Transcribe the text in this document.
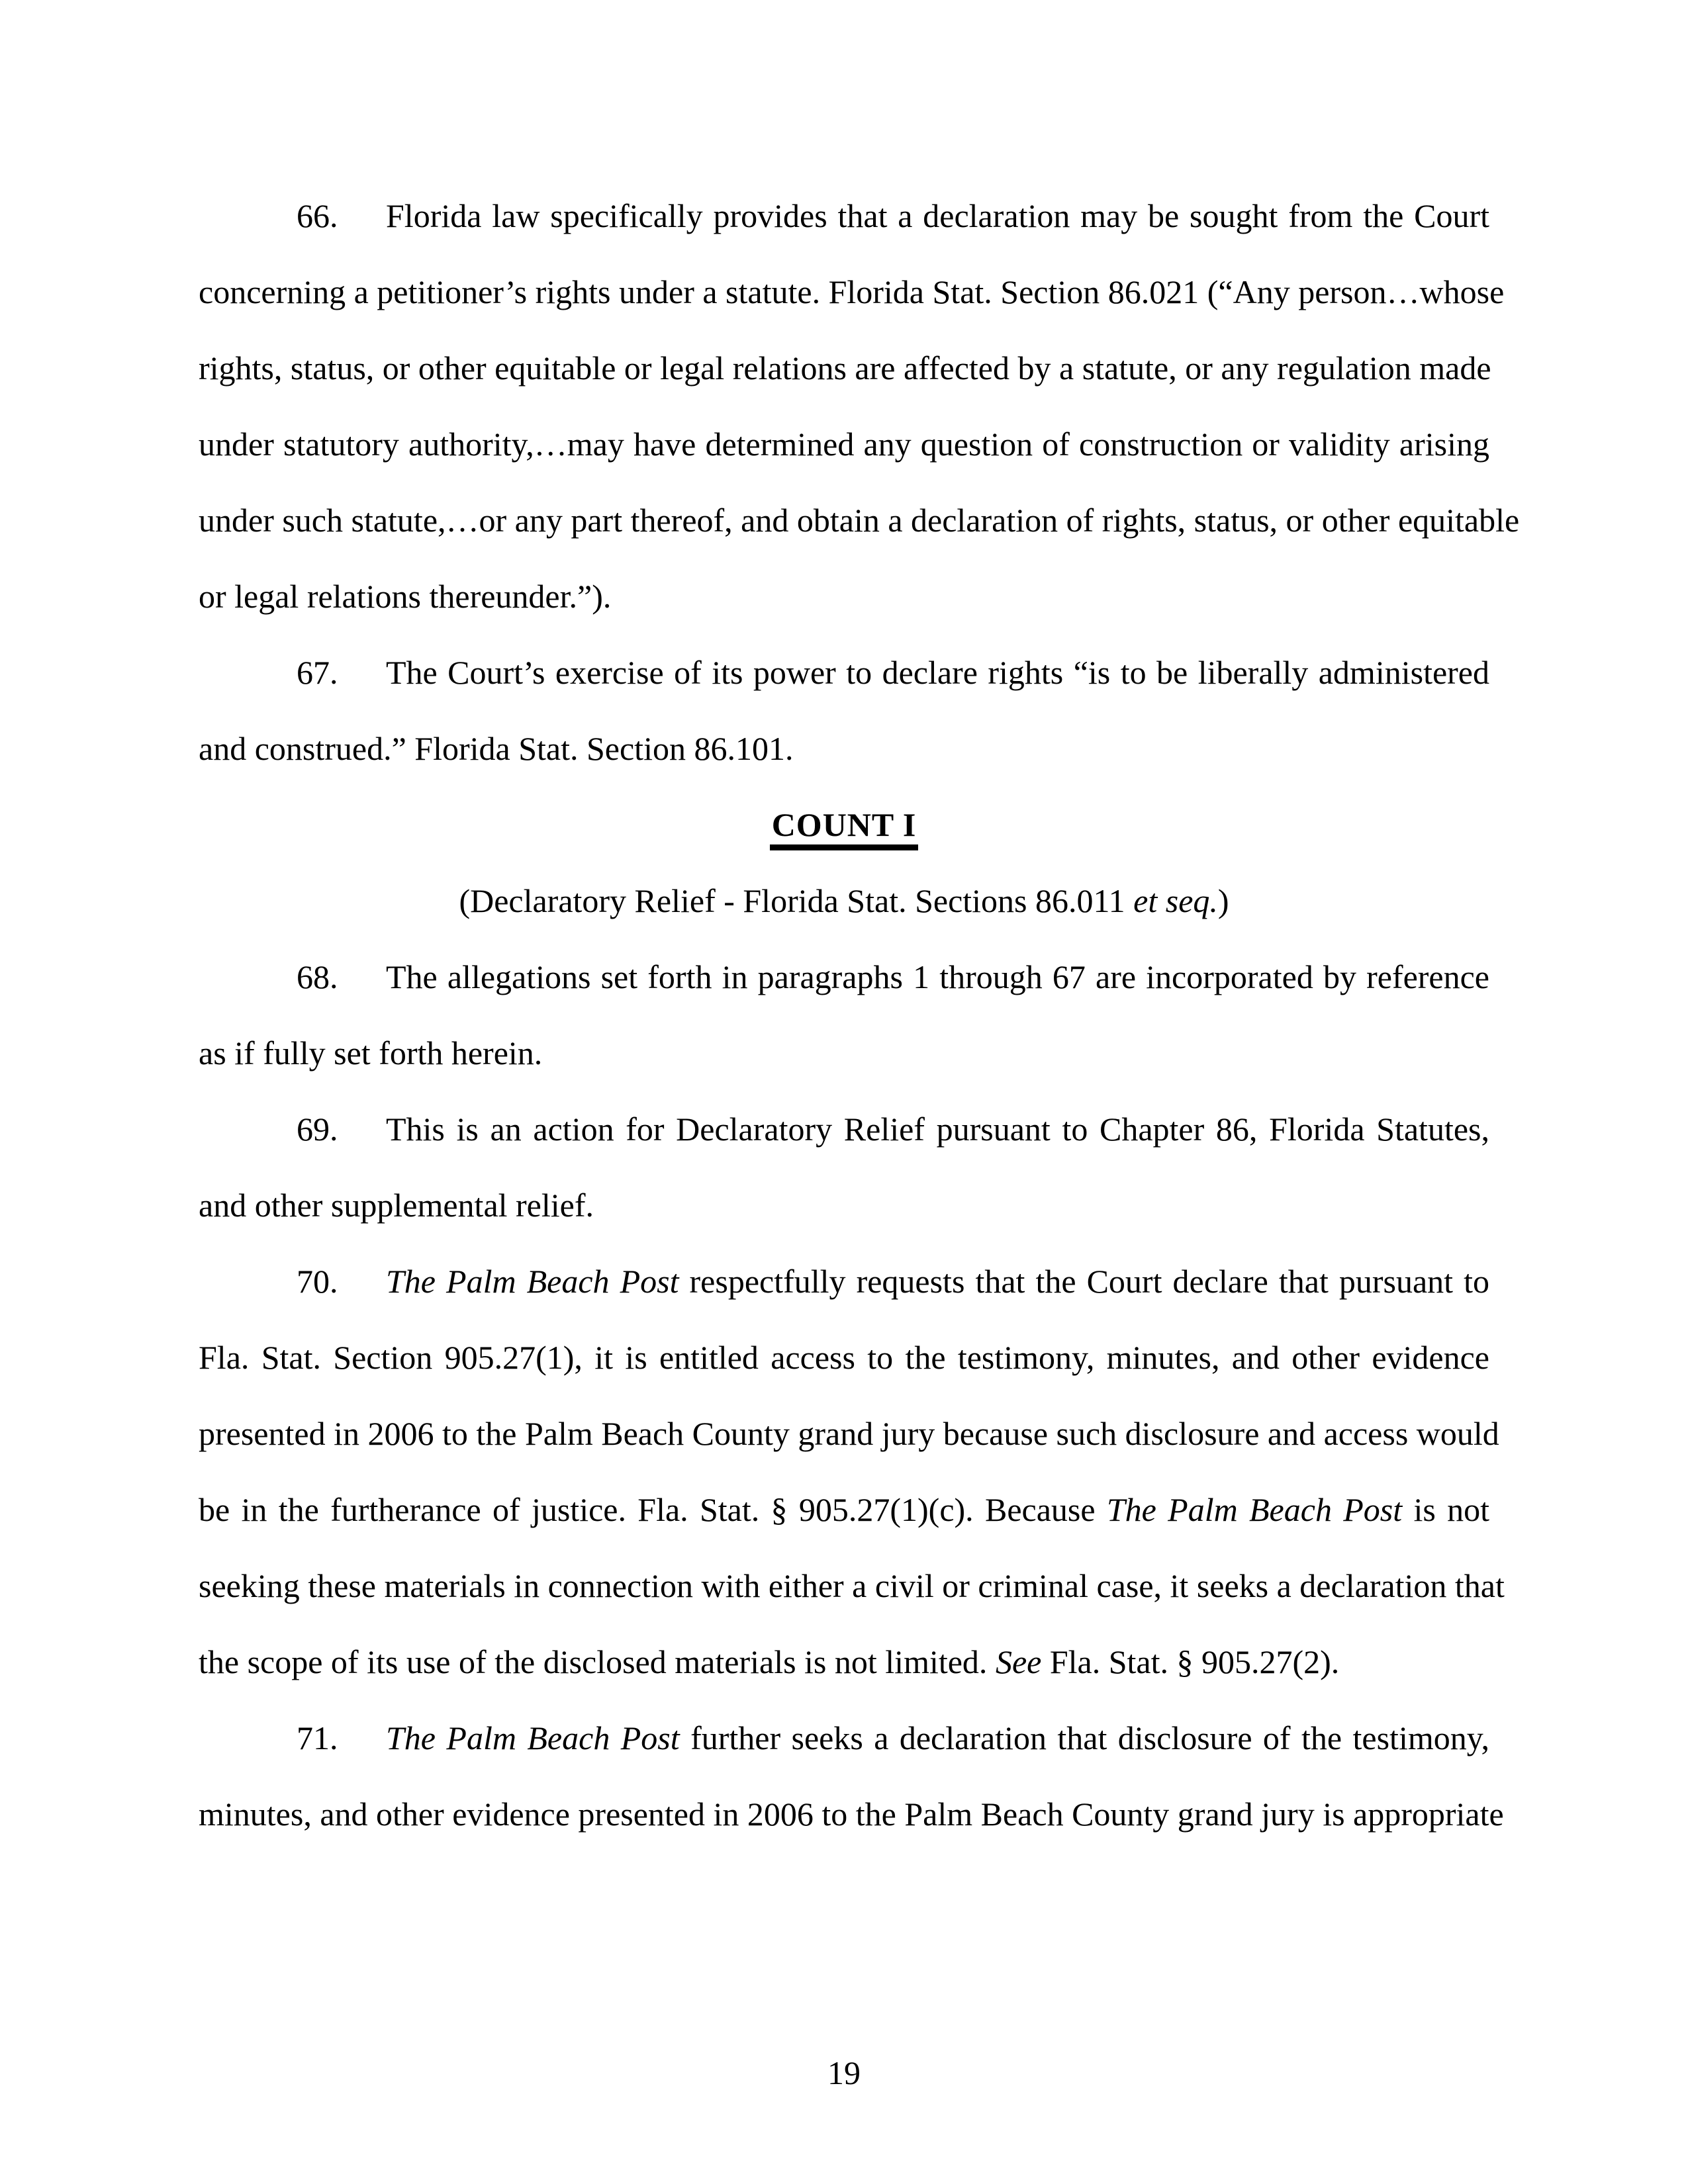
66. Florida law specifically provides that a declaration may be sought from the Court
concerning a petitioner’s rights under a statute. Florida Stat. Section 86.021 (“Any person…whose
rights, status, or other equitable or legal relations are affected by a statute, or any regulation made
under statutory authority,…may have determined any question of construction or validity arising
under such statute,…or any part thereof, and obtain a declaration of rights, status, or other equitable
or legal relations thereunder.”).
67. The Court’s exercise of its power to declare rights “is to be liberally administered
and construed.” Florida Stat. Section 86.101.
COUNT I
(Declaratory Relief - Florida Stat. Sections 86.011 et seq.)
68. The allegations set forth in paragraphs 1 through 67 are incorporated by reference
as if fully set forth herein.
69. This is an action for Declaratory Relief pursuant to Chapter 86, Florida Statutes,
and other supplemental relief.
70. The Palm Beach Post respectfully requests that the Court declare that pursuant to
Fla. Stat. Section 905.27(1), it is entitled access to the testimony, minutes, and other evidence
presented in 2006 to the Palm Beach County grand jury because such disclosure and access would
be in the furtherance of justice. Fla. Stat. § 905.27(1)(c). Because The Palm Beach Post is not
seeking these materials in connection with either a civil or criminal case, it seeks a declaration that
the scope of its use of the disclosed materials is not limited. See Fla. Stat. § 905.27(2).
71. The Palm Beach Post further seeks a declaration that disclosure of the testimony,
minutes, and other evidence presented in 2006 to the Palm Beach County grand jury is appropriate
19
